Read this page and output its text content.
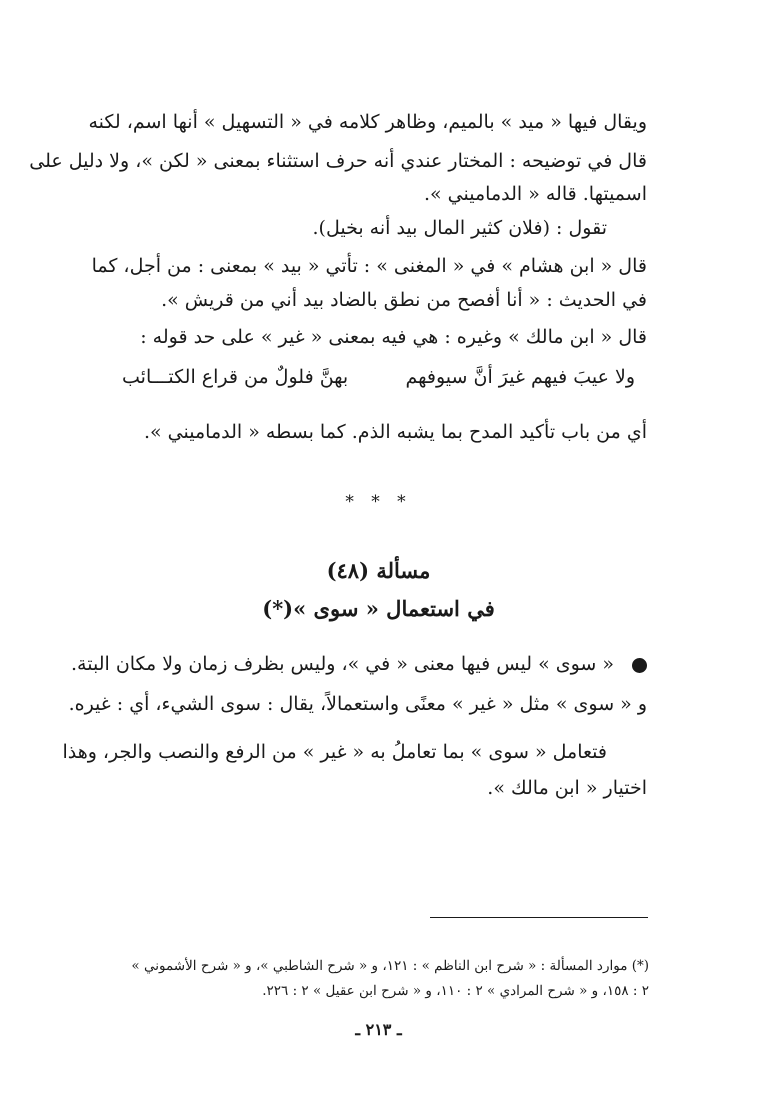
ويقال فيها « ميد » بالميم، وظاهر كلامه في « التسهيل » أنها اسم، لكنه
قال في توضيحه : المختار عندي أنه حرف استثناء بمعنى « لكن »، ولا دليل على
اسميتها. قاله « الدماميني ».
تقول : (فلان كثير المال بيد أنه بخيل).
قال « ابن هشام » في « المغنى » : تأتي « بيد » بمعنى : من أجل، كما
في الحديث : « أنا أفصح من نطق بالضاد بيد أني من قريش ».
قال « ابن مالك » وغيره : هي فيه بمعنى « غير » على حد قوله :
ولا عيبَ فيهم غيرَ أنَّ سيوفهم
بهنَّ فلولٌ من قراع الكتـــائب
أي من باب تأكيد المدح بما يشبه الذم. كما بسطه « الدماميني ».
* * *
مسألة (٤٨)
في استعمال « سوى »(*)
« سوى » ليس فيها معنى « في »، وليس بظرف زمان ولا مكان البتة.
و « سوى » مثل « غير » معنًى واستعمالاً، يقال : سوى الشيء، أي : غيره.
فتعامل « سوى » بما تعاملُ به « غير » من الرفع والنصب والجر، وهذا
اختيار « ابن مالك ».
(*) موارد المسألة : « شرح ابن الناظم » : ١٢١، و « شرح الشاطبي »، و « شرح الأشموني »
٢ : ١٥٨، و « شرح المرادي » ٢ : ١١٠، و « شرح ابن عقيل » ٢ : ٢٢٦.
ـ ٢١٣ ـ
